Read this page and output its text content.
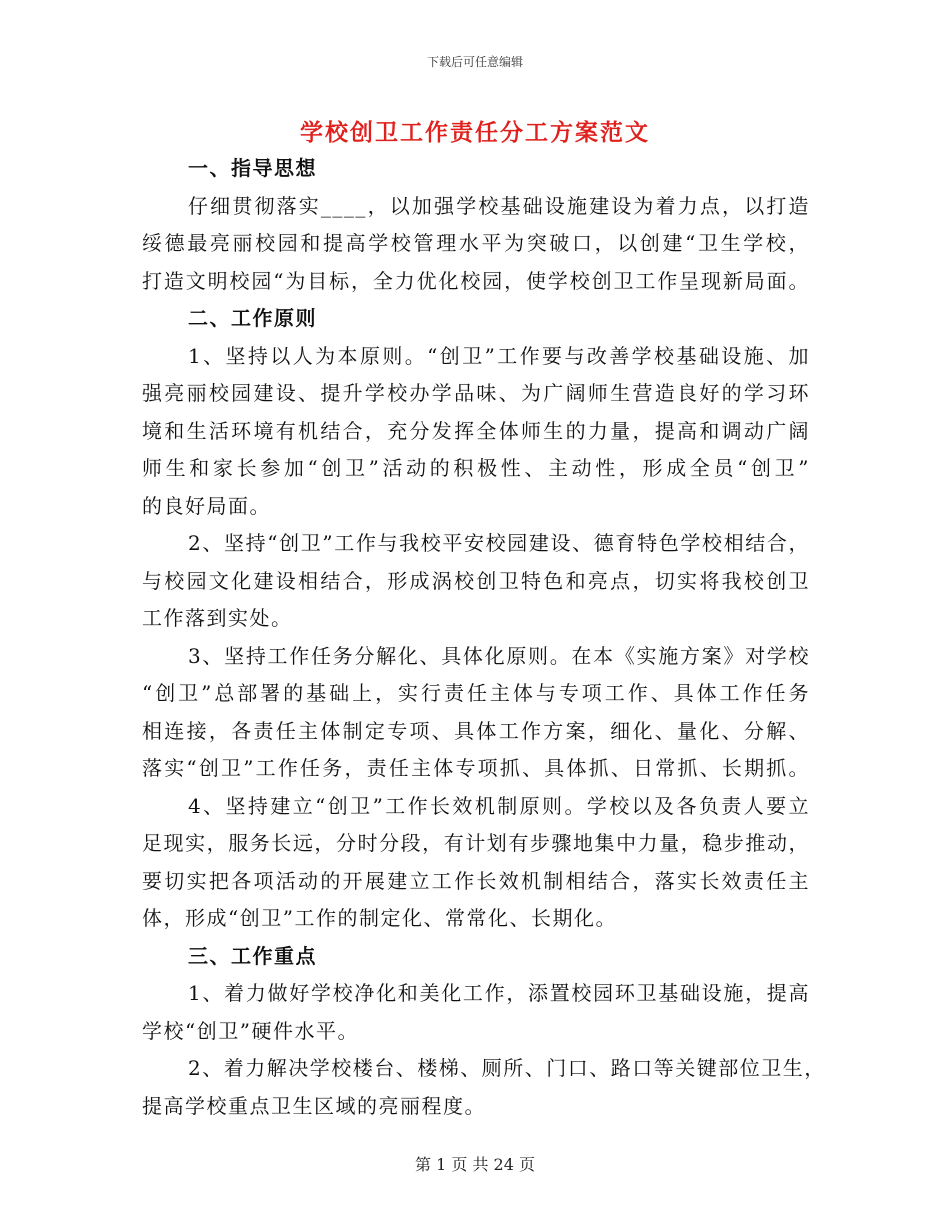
下载后可任意编辑
学校创卫工作责任分工方案范文
一、指导思想
仔细贯彻落实____，以加强学校基础设施建设为着力点，以打造
绥德最亮丽校园和提高学校管理水平为突破口，以创建“卫生学校，
打造文明校园“为目标，全力优化校园，使学校创卫工作呈现新局面。
二、工作原则
1、坚持以人为本原则。“创卫”工作要与改善学校基础设施、加
强亮丽校园建设、提升学校办学品味、为广阔师生营造良好的学习环
境和生活环境有机结合，充分发挥全体师生的力量，提高和调动广阔
师生和家长参加“创卫”活动的积极性、主动性，形成全员“创卫”
的良好局面。
2、坚持“创卫”工作与我校平安校园建设、德育特色学校相结合，
与校园文化建设相结合，形成涡校创卫特色和亮点，切实将我校创卫
工作落到实处。
3、坚持工作任务分解化、具体化原则。在本《实施方案》对学校
“创卫”总部署的基础上，实行责任主体与专项工作、具体工作任务
相连接，各责任主体制定专项、具体工作方案，细化、量化、分解、
落实“创卫”工作任务，责任主体专项抓、具体抓、日常抓、长期抓。
4、坚持建立“创卫”工作长效机制原则。学校以及各负责人要立
足现实，服务长远，分时分段，有计划有步骤地集中力量，稳步推动，
要切实把各项活动的开展建立工作长效机制相结合，落实长效责任主
体，形成“创卫”工作的制定化、常常化、长期化。
三、工作重点
1、着力做好学校净化和美化工作，添置校园环卫基础设施，提高
学校“创卫”硬件水平。
2、着力解决学校楼台、楼梯、厕所、门口、路口等关键部位卫生，
提高学校重点卫生区域的亮丽程度。
第 1 页 共 24 页
